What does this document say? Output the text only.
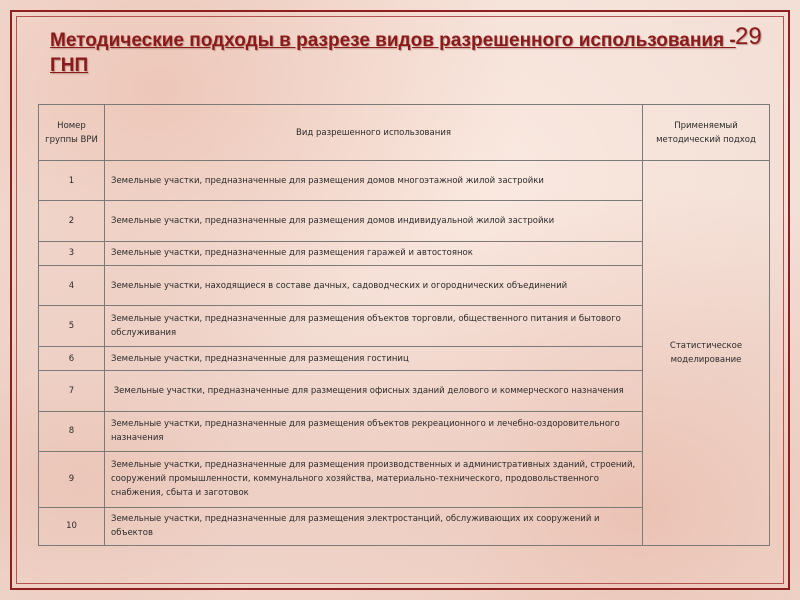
Методические подходы в разрезе видов разрешенного использования - ГНП
29
Номер группы ВРИ	Вид разрешенного использования	Применяемый методический подход
1	Земельные участки, предназначенные для размещения домов многоэтажной жилой застройки	Статистическое моделирование
2	Земельные участки, предназначенные для размещения домов индивидуальной жилой застройки	
3	Земельные участки, предназначенные для размещения гаражей и автостоянок	
4	Земельные участки, находящиеся в составе дачных, садоводческих и огороднических объединений	
5	Земельные участки, предназначенные для размещения объектов торговли, общественного питания и бытового обслуживания	
6	Земельные участки, предназначенные для размещения гостиниц	
7	Земельные участки, предназначенные для размещения офисных зданий делового и коммерческого назначения	
8	Земельные участки, предназначенные для размещения объектов рекреационного и лечебно-оздоровительного назначения	
9	Земельные участки, предназначенные для размещения производственных и административных зданий, строений, сооружений промышленности, коммунального хозяйства, материально-технического, продовольственного снабжения, сбыта и заготовок	
10	Земельные участки, предназначенные для размещения электростанций, обслуживающих их сооружений и объектов	
